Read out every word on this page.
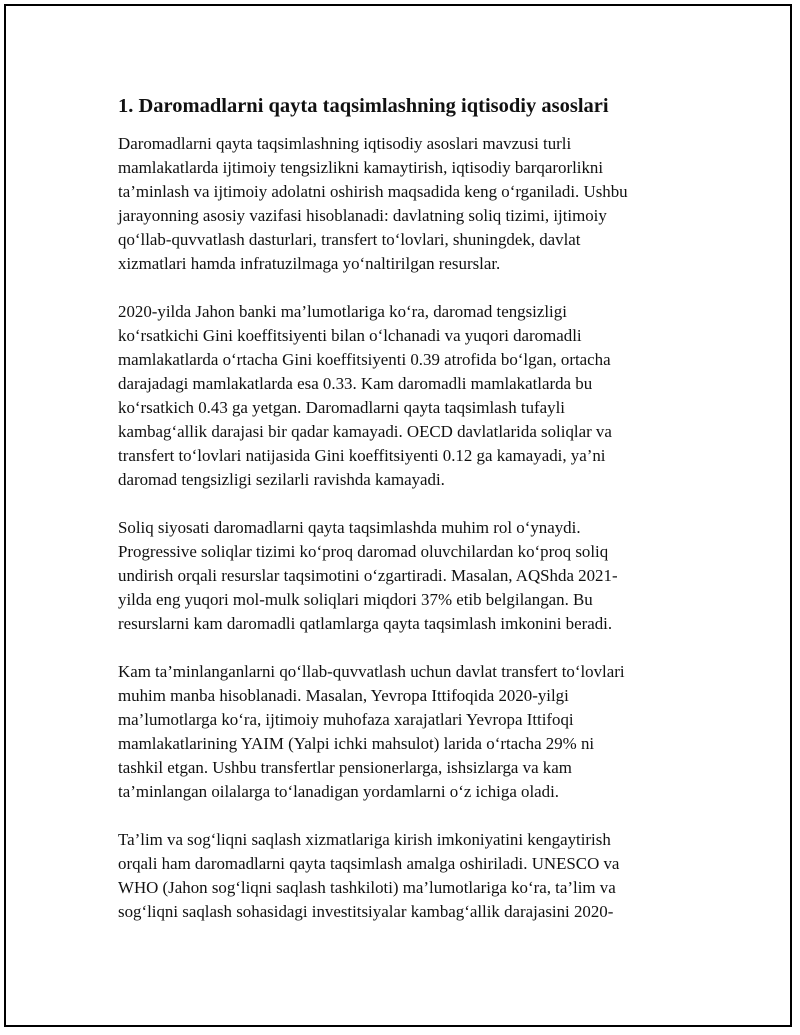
1. Daromadlarni qayta taqsimlashning iqtisodiy asoslari
Daromadlarni qayta taqsimlashning iqtisodiy asoslari mavzusi turli
mamlakatlarda ijtimoiy tengsizlikni kamaytirish, iqtisodiy barqarorlikni
ta’minlash va ijtimoiy adolatni oshirish maqsadida keng o‘rganiladi. Ushbu
jarayonning asosiy vazifasi hisoblanadi: davlatning soliq tizimi, ijtimoiy
qo‘llab-quvvatlash dasturlari, transfert to‘lovlari, shuningdek, davlat
xizmatlari hamda infratuzilmaga yo‘naltirilgan resurslar.
2020-yilda Jahon banki ma’lumotlariga ko‘ra, daromad tengsizligi
ko‘rsatkichi Gini koeffitsiyenti bilan o‘lchanadi va yuqori daromadli
mamlakatlarda o‘rtacha Gini koeffitsiyenti 0.39 atrofida bo‘lgan, ortacha
darajadagi mamlakatlarda esa 0.33. Kam daromadli mamlakatlarda bu
ko‘rsatkich 0.43 ga yetgan. Daromadlarni qayta taqsimlash tufayli
kambag‘allik darajasi bir qadar kamayadi. OECD davlatlarida soliqlar va
transfert to‘lovlari natijasida Gini koeffitsiyenti 0.12 ga kamayadi, ya’ni
daromad tengsizligi sezilarli ravishda kamayadi.
Soliq siyosati daromadlarni qayta taqsimlashda muhim rol o‘ynaydi.
Progressive soliqlar tizimi ko‘proq daromad oluvchilardan ko‘proq soliq
undirish orqali resurslar taqsimotini o‘zgartiradi. Masalan, AQShda 2021-
yilda eng yuqori mol-mulk soliqlari miqdori 37% etib belgilangan. Bu
resurslarni kam daromadli qatlamlarga qayta taqsimlash imkonini beradi.
Kam ta’minlanganlarni qo‘llab-quvvatlash uchun davlat transfert to‘lovlari
muhim manba hisoblanadi. Masalan, Yevropa Ittifoqida 2020-yilgi
ma’lumotlarga ko‘ra, ijtimoiy muhofaza xarajatlari Yevropa Ittifoqi
mamlakatlarining YAIM (Yalpi ichki mahsulot) larida o‘rtacha 29% ni
tashkil etgan. Ushbu transfertlar pensionerlarga, ishsizlarga va kam
ta’minlangan oilalarga to‘lanadigan yordamlarni o‘z ichiga oladi.
Ta’lim va sog‘liqni saqlash xizmatlariga kirish imkoniyatini kengaytirish
orqali ham daromadlarni qayta taqsimlash amalga oshiriladi. UNESCO va
WHO (Jahon sog‘liqni saqlash tashkiloti) ma’lumotlariga ko‘ra, ta’lim va
sog‘liqni saqlash sohasidagi investitsiyalar kambag‘allik darajasini 2020-
